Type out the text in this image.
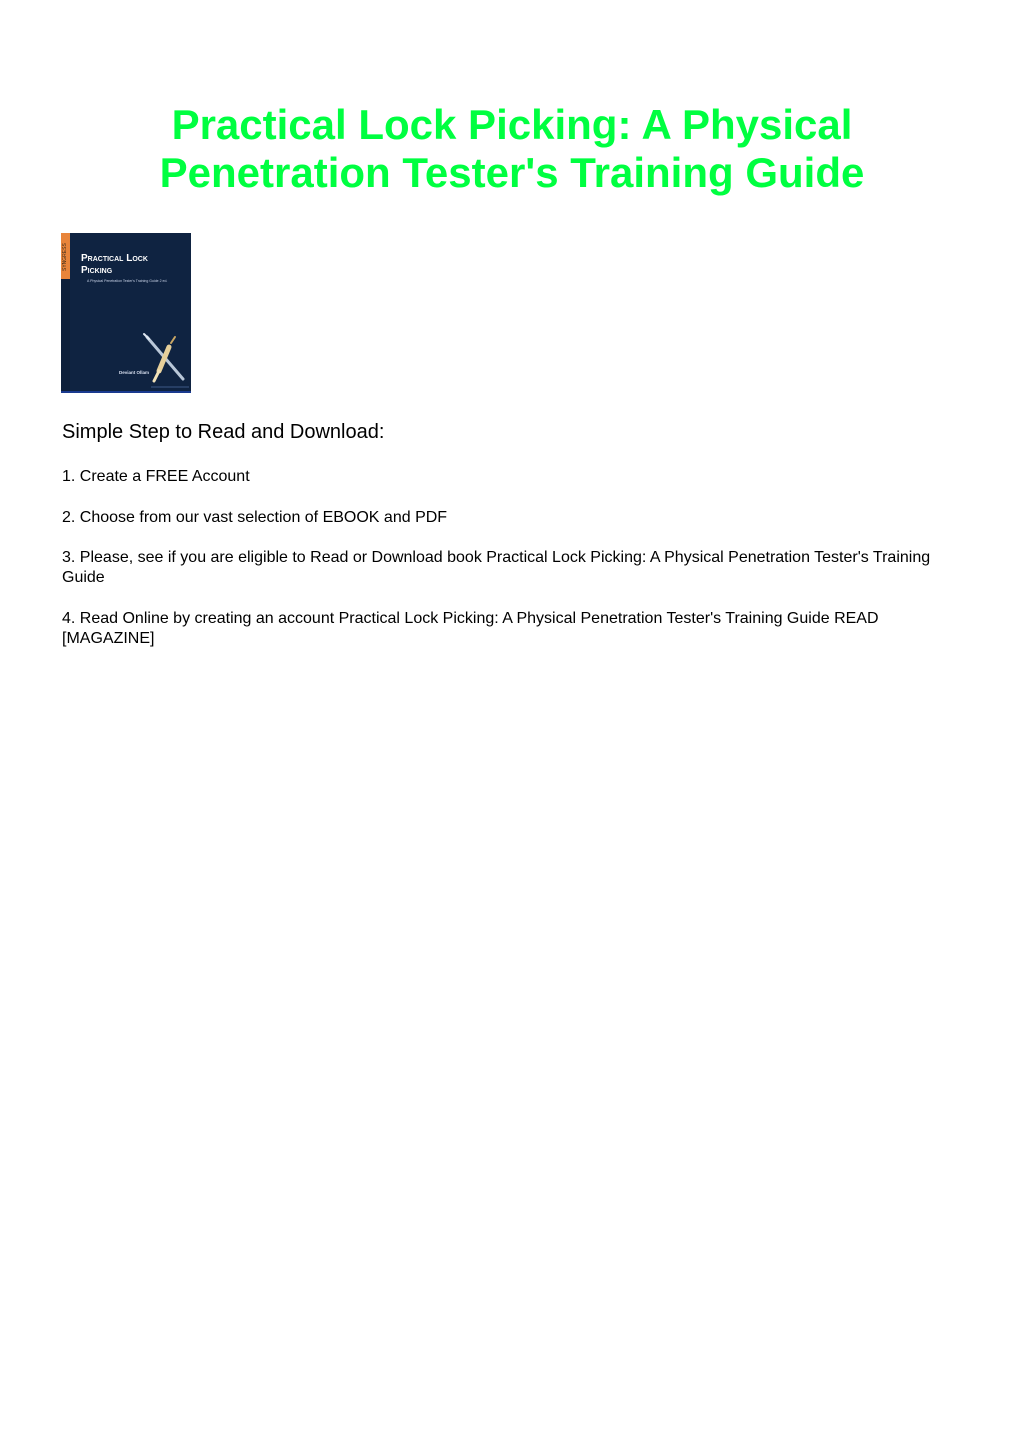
Practical Lock Picking: A Physical Penetration Tester's Training Guide
SYNGRESS Practical Lock
Picking
A Physical Penetration Tester's Training Guide 2 ed.
Deviant Ollam
Simple Step to Read and Download:

1. Create a FREE Account

2. Choose from our vast selection of EBOOK and PDF

3. Please, see if you are eligible to Read or Download book Practical Lock Picking: A Physical Penetration Tester's Training Guide

4. Read Online by creating an account Practical Lock Picking: A Physical Penetration Tester's Training Guide READ [MAGAZINE]
